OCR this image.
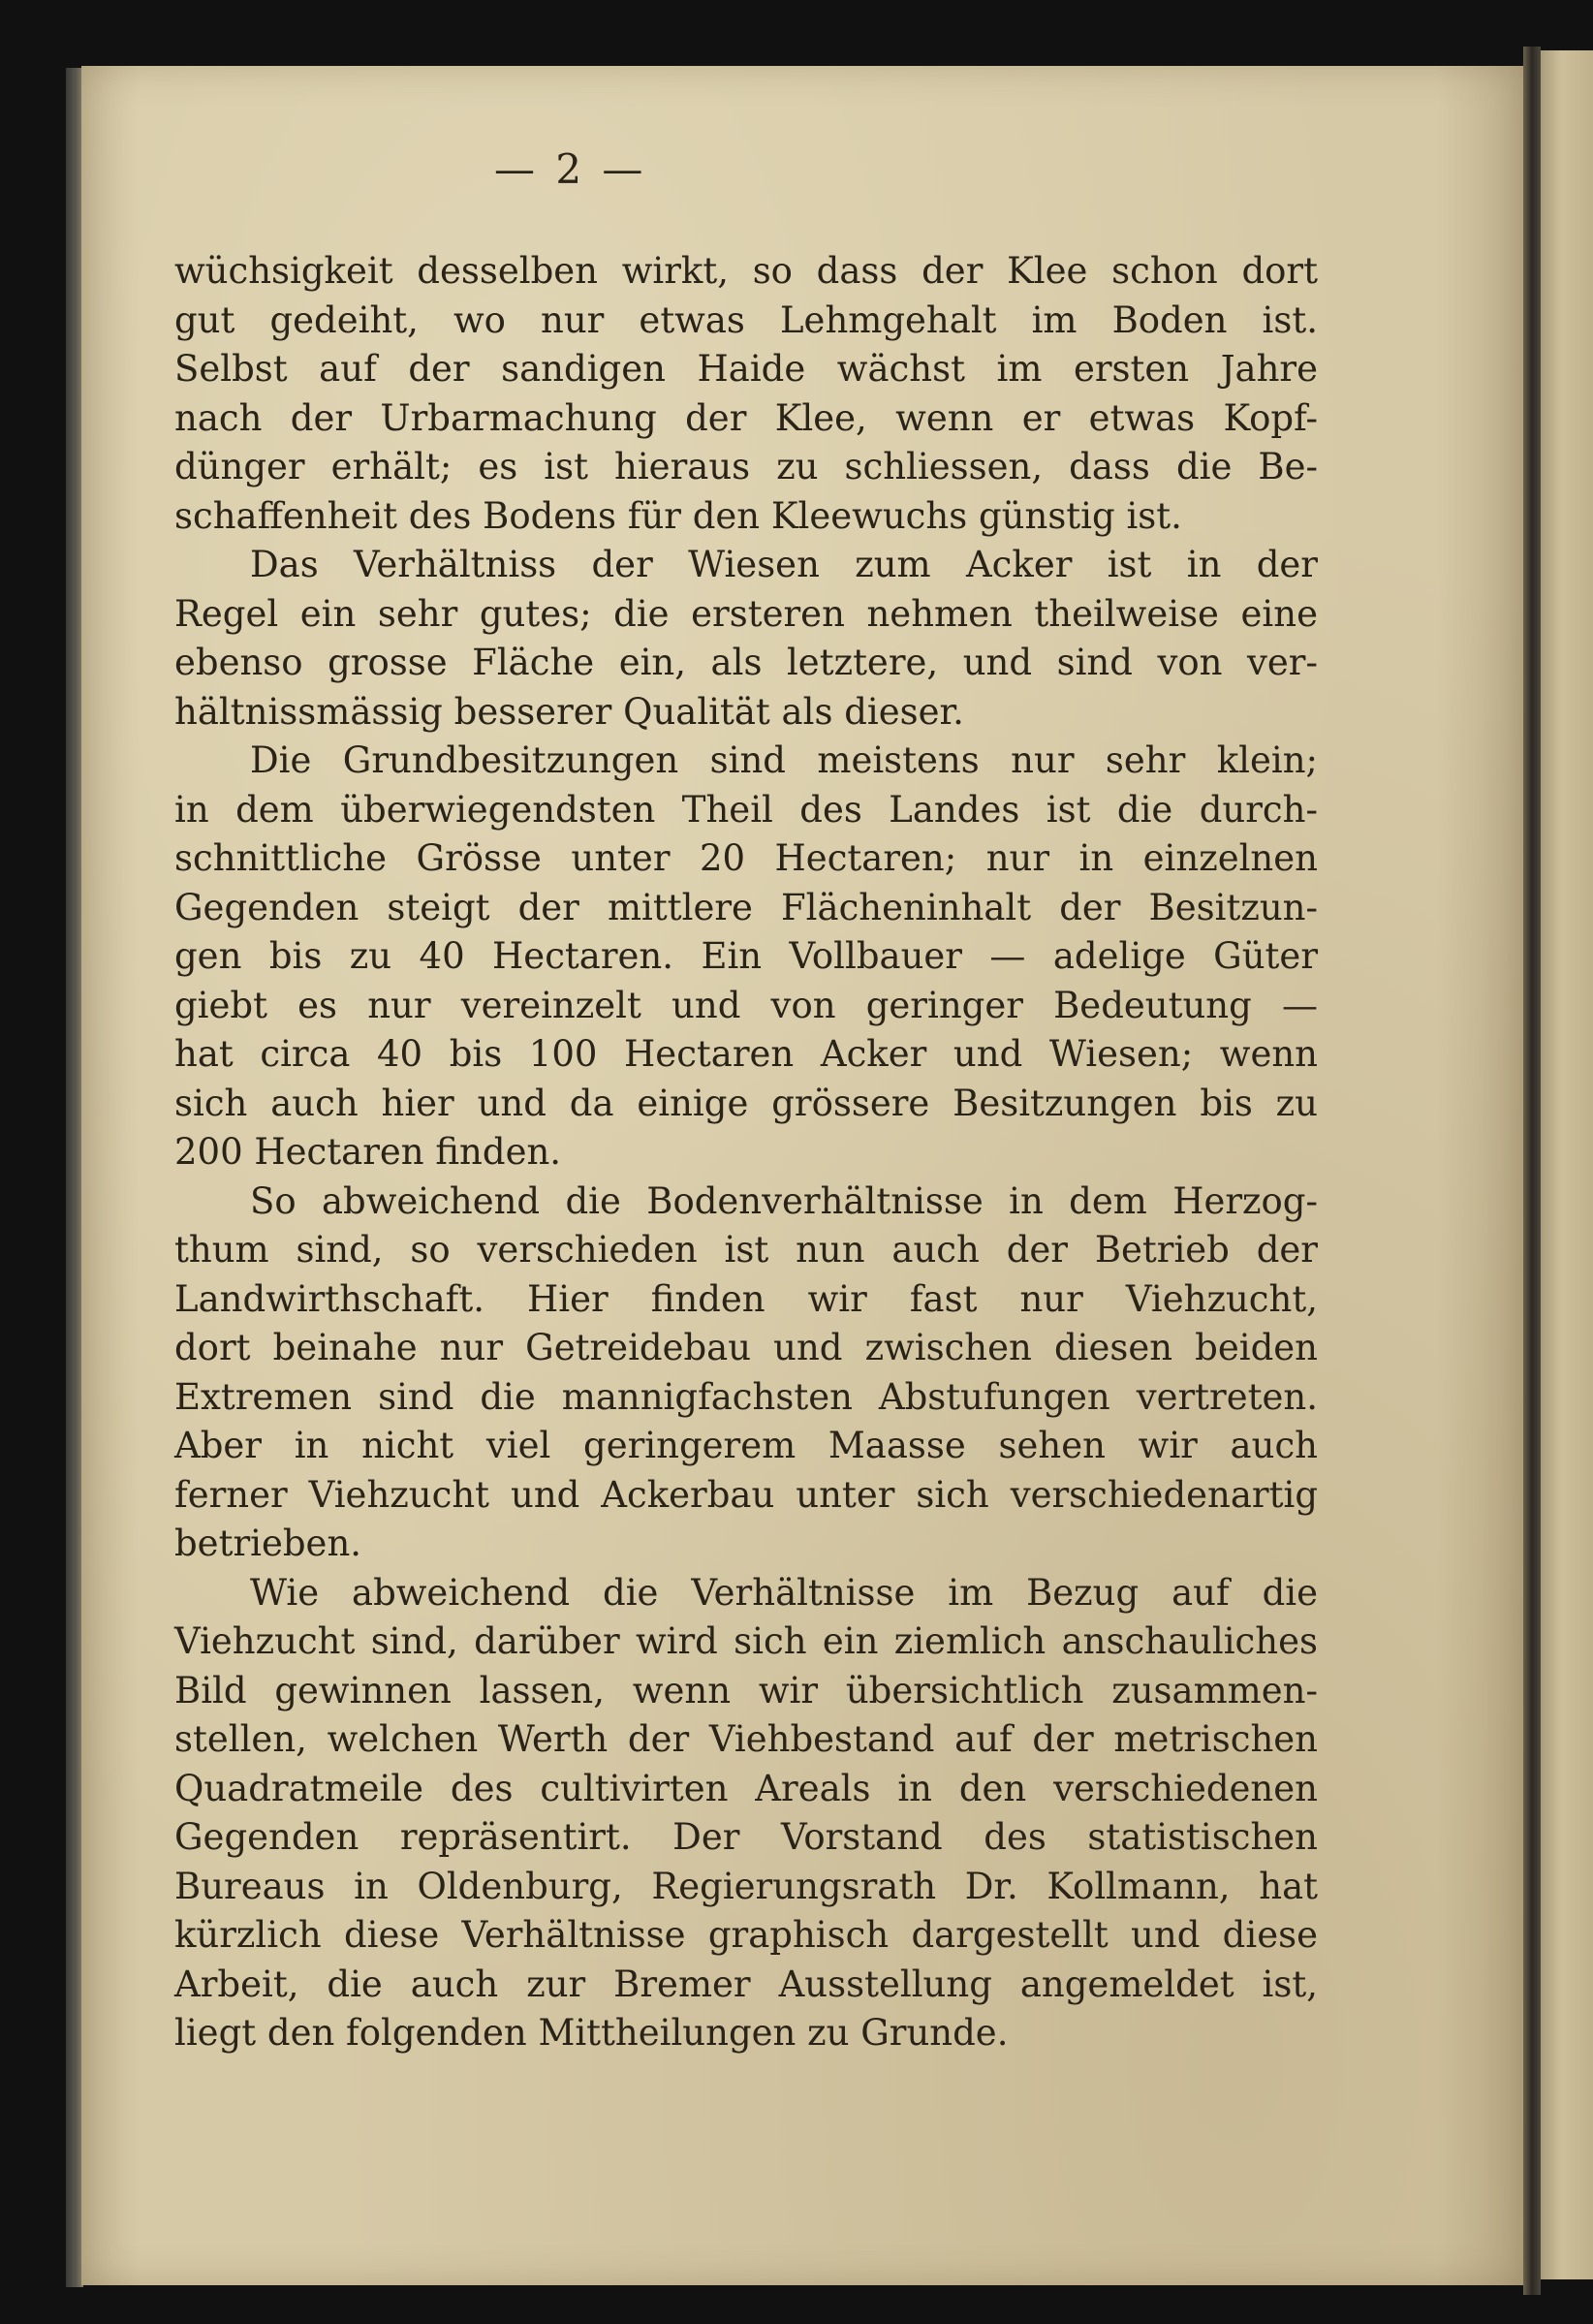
— 2 —
wüchsigkeit desselben wirkt, so dass der Klee schon dort
gut gedeiht, wo nur etwas Lehmgehalt im Boden ist.
Selbst auf der sandigen Haide wächst im ersten Jahre
nach der Urbarmachung der Klee, wenn er etwas Kopf-
dünger erhält; es ist hieraus zu schliessen, dass die Be-
schaffenheit des Bodens für den Kleewuchs günstig ist.
Das Verhältniss der Wiesen zum Acker ist in der
Regel ein sehr gutes; die ersteren nehmen theilweise eine
ebenso grosse Fläche ein, als letztere, und sind von ver-
hältnissmässig besserer Qualität als dieser.
Die Grundbesitzungen sind meistens nur sehr klein;
in dem überwiegendsten Theil des Landes ist die durch-
schnittliche Grösse unter 20 Hectaren; nur in einzelnen
Gegenden steigt der mittlere Flächeninhalt der Besitzun-
gen bis zu 40 Hectaren. Ein Vollbauer — adelige Güter
giebt es nur vereinzelt und von geringer Bedeutung —
hat circa 40 bis 100 Hectaren Acker und Wiesen; wenn
sich auch hier und da einige grössere Besitzungen bis zu
200 Hectaren finden.
So abweichend die Bodenverhältnisse in dem Herzog-
thum sind, so verschieden ist nun auch der Betrieb der
Landwirthschaft. Hier finden wir fast nur Viehzucht,
dort beinahe nur Getreidebau und zwischen diesen beiden
Extremen sind die mannigfachsten Abstufungen vertreten.
Aber in nicht viel geringerem Maasse sehen wir auch
ferner Viehzucht und Ackerbau unter sich verschiedenartig
betrieben.
Wie abweichend die Verhältnisse im Bezug auf die
Viehzucht sind, darüber wird sich ein ziemlich anschauliches
Bild gewinnen lassen, wenn wir übersichtlich zusammen-
stellen, welchen Werth der Viehbestand auf der metrischen
Quadratmeile des cultivirten Areals in den verschiedenen
Gegenden repräsentirt. Der Vorstand des statistischen
Bureaus in Oldenburg, Regierungsrath Dr. Kollmann, hat
kürzlich diese Verhältnisse graphisch dargestellt und diese
Arbeit, die auch zur Bremer Ausstellung angemeldet ist,
liegt den folgenden Mittheilungen zu Grunde.
